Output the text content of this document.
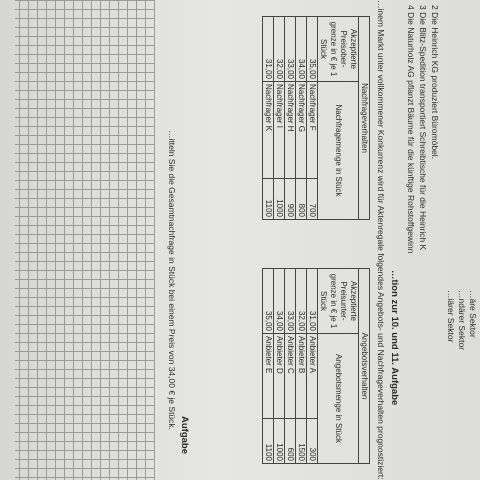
…äre Sektor
…ndärer Sektor
…iärer Sektor
2 Die Heinrich KG produziert Büromöbel.
3 Die Blitz-Spedition transportiert Schreibtische für die Heinrich K
4 Die Naturholz AG pflanzt Bäume für die künftige Rohstoffgewinn
…tion zur 10. und 11. Aufgabe
…inem Markt unter vollkommener Konkurrenz wird für Aktenregale folgendes Angebots- und Nachfrageverhalten prognostiziert:
Angebotsverhalten		
Akzeptierte Preisunter-grenze in € je 1 Stück	Angebotsmenge in Stück	
31,00	Anbieter A	300
32,00	Anbieter B	1500
33,00	Anbieter C	600
34,00	Anbieter D	1000
35,00	Anbieter E	1100
Nachfrageverhalten		
Akzeptierte Preisober-grenze in € je 1 Stück	Nachfragemenge in Stück	
35,00	Nachfrager F	700
34,00	Nachfrager G	800
33,00	Nachfrager H	900
32,00	Nachfrager I	1000
31,00	Nachfrager K	1100
Aufgabe
…itteln Sie die Gesamtnachfrage in Stück bei einem Preis von 34,00 € je Stück.
